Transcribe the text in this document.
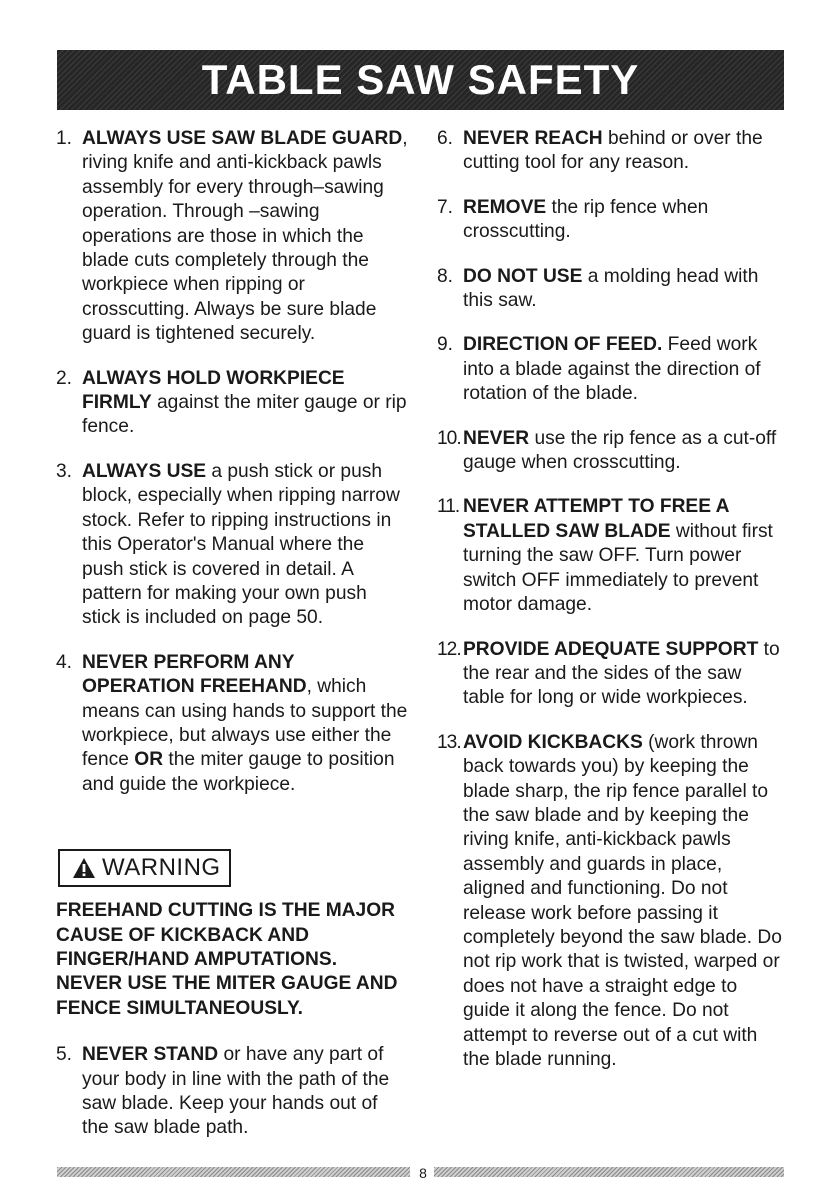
TABLE SAW SAFETY
1. ALWAYS USE SAW BLADE GUARD, riving knife and anti-kickback pawls assembly for every through–sawing operation. Through –sawing operations are those in which the blade cuts completely through the workpiece when ripping or crosscutting. Always be sure blade guard is tightened securely.
2. ALWAYS HOLD WORKPIECE FIRMLY against the miter gauge or rip fence.
3. ALWAYS USE a push stick or push block, especially when ripping narrow stock. Refer to ripping instructions in this Operator's Manual where the push stick is covered in detail. A pattern for making your own push stick is included on page 50.
4. NEVER PERFORM ANY OPERATION FREEHAND, which means can using hands to support the workpiece, but always use either the fence OR the miter gauge to position and guide the workpiece.
WARNING
FREEHAND CUTTING IS THE MAJOR CAUSE OF KICKBACK AND FINGER/HAND AMPUTATIONS. NEVER USE THE MITER GAUGE AND FENCE SIMULTANEOUSLY.
5. NEVER STAND or have any part of your body in line with the path of the saw blade. Keep your hands out of the saw blade path.
6. NEVER REACH behind or over the cutting tool for any reason.
7. REMOVE the rip fence when crosscutting.
8. DO NOT USE a molding head with this saw.
9. DIRECTION OF FEED. Feed work into a blade against the direction of rotation of the blade.
10. NEVER use the rip fence as a cut-off gauge when crosscutting.
11. NEVER ATTEMPT TO FREE A STALLED SAW BLADE without first turning the saw OFF. Turn power switch OFF immediately to prevent motor damage.
12. PROVIDE ADEQUATE SUPPORT to the rear and the sides of the saw table for long or wide workpieces.
13. AVOID KICKBACKS (work thrown back towards you) by keeping the blade sharp, the rip fence parallel to the saw blade and by keeping the riving knife, anti-kickback pawls assembly and guards in place, aligned and functioning. Do not release work before passing it completely beyond the saw blade. Do not rip work that is twisted, warped or does not have a straight edge to guide it along the fence. Do not attempt to reverse out of a cut with the blade running.
8
